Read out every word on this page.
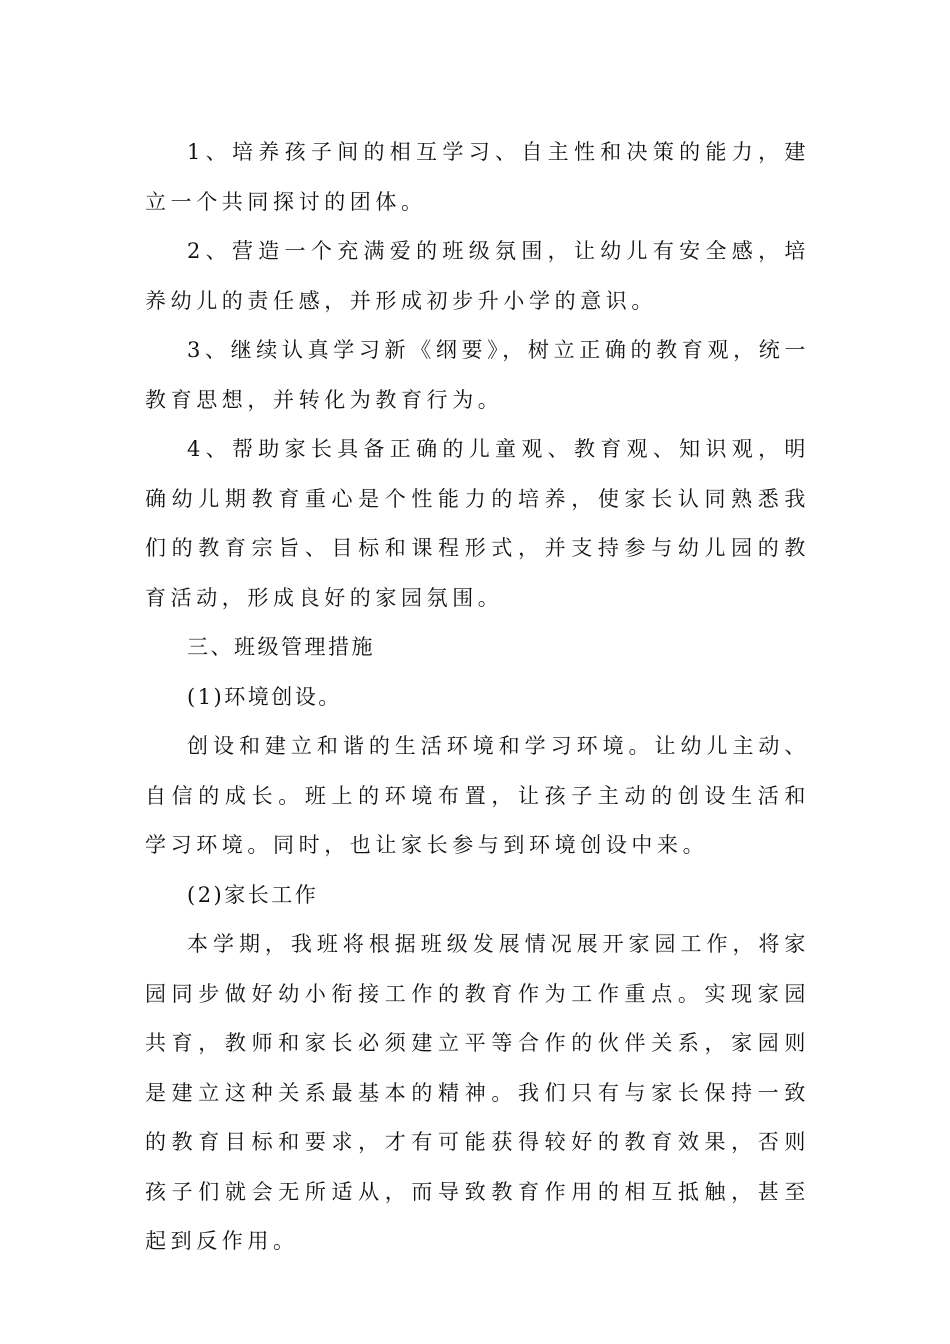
1、培养孩子间的相互学习、自主性和决策的能力，建立一个共同探讨的团体。

2、营造一个充满爱的班级氛围，让幼儿有安全感，培养幼儿的责任感，并形成初步升小学的意识。

3、继续认真学习新《纲要》，树立正确的教育观，统一教育思想，并转化为教育行为。

4、帮助家长具备正确的儿童观、教育观、知识观，明确幼儿期教育重心是个性能力的培养，使家长认同熟悉我们的教育宗旨、目标和课程形式，并支持参与幼儿园的教育活动，形成良好的家园氛围。

三、班级管理措施

(1)环境创设。

创设和建立和谐的生活环境和学习环境。让幼儿主动、自信的成长。班上的环境布置，让孩子主动的创设生活和学习环境。同时，也让家长参与到环境创设中来。

(2)家长工作

本学期，我班将根据班级发展情况展开家园工作，将家园同步做好幼小衔接工作的教育作为工作重点。实现家园共育，教师和家长必须建立平等合作的伙伴关系，家园则是建立这种关系最基本的精神。我们只有与家长保持一致的教育目标和要求，才有可能获得较好的教育效果，否则孩子们就会无所适从，而导致教育作用的相互抵触，甚至起到反作用。
